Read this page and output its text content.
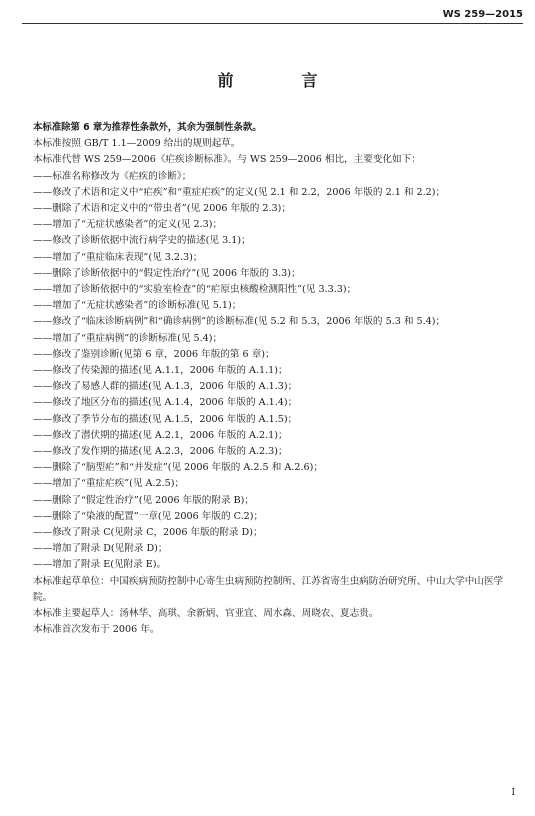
WS 259—2015
前　言
本标准除第 6 章为推荐性条款外，其余为强制性条款。
本标准按照 GB/T 1.1—2009 给出的规则起草。
本标准代替 WS 259—2006《疟疾诊断标准》。与 WS 259—2006 相比，主要变化如下：
——标准名称修改为《疟疾的诊断》；
——修改了术语和定义中“疟疾”和“重症疟疾”的定义(见 2.1 和 2.2，2006 年版的 2.1 和 2.2)；
——删除了术语和定义中的“带虫者”(见 2006 年版的 2.3)；
——增加了“无症状感染者”的定义(见 2.3)；
——修改了诊断依据中流行病学史的描述(见 3.1)；
——增加了“重症临床表现”(见 3.2.3)；
——删除了诊断依据中的“假定性治疗”(见 2006 年版的 3.3)；
——增加了诊断依据中的“实验室检查”的“疟原虫核酸检测阳性”(见 3.3.3)；
——增加了“无症状感染者”的诊断标准(见 5.1)；
——修改了“临床诊断病例”和“确诊病例”的诊断标准(见 5.2 和 5.3，2006 年版的 5.3 和 5.4)；
——增加了“重症病例”的诊断标准(见 5.4)；
——修改了鉴别诊断(见第 6 章，2006 年版的第 6 章)；
——修改了传染源的描述(见 A.1.1，2006 年版的 A.1.1)；
——修改了易感人群的描述(见 A.1.3，2006 年版的 A.1.3)；
——修改了地区分布的描述(见 A.1.4，2006 年版的 A.1.4)；
——修改了季节分布的描述(见 A.1.5，2006 年版的 A.1.5)；
——修改了潜伏期的描述(见 A.2.1，2006 年版的 A.2.1)；
——修改了发作期的描述(见 A.2.3，2006 年版的 A.2.3)；
——删除了“脑型疟”和“并发症”(见 2006 年版的 A.2.5 和 A.2.6)；
——增加了“重症疟疾”(见 A.2.5)；
——删除了“假定性治疗”(见 2006 年版的附录 B)；
——删除了“染液的配置”一章(见 2006 年版的 C.2)；
——修改了附录 C(见附录 C，2006 年版的附录 D)；
——增加了附录 D(见附录 D)；
——增加了附录 E(见附录 E)。
本标准起草单位：中国疾病预防控制中心寄生虫病预防控制所、江苏省寄生虫病防治研究所、中山大学中山医学院。
本标准主要起草人：汤林华、高琪、余新炳、官亚宜、周水森、周晓农、夏志贵。
本标准首次发布于 2006 年。
I
